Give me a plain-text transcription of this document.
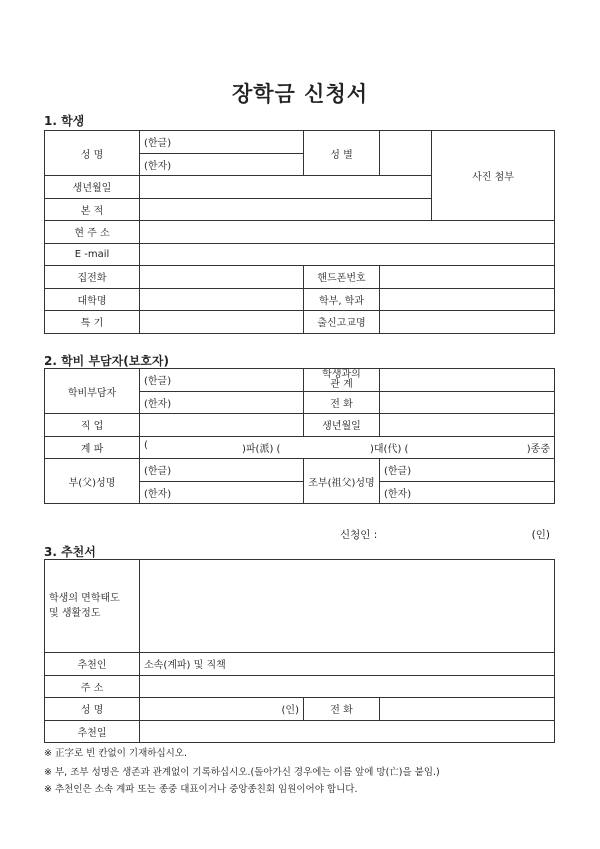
장학금 신청서
1. 학생
성 명	(한글)	성 별		사진 첨부
	(한자)			
생년월일				
본 적				
현 주 소				
E -mail				
집전화		핸드폰번호		
대학명		학부, 학과		
특 기		출신고교명		
2. 학비 부담자(보호자)
학비부담자	(한글)	학생과의
관 계	

	(한자)	전 화	
직 업		생년월일	
계 파	( )파(派) ( )대(代) ( )종중		

부(父)성명	(한글)	조부(祖父)성명	(한글)
	(한자)		(한자)
신청인 :	(인)
3. 추천서
학생의 면학태도
및 생활정도			

추천인	소속(계파) 및 직책		
주 소			
성 명	(인)	전 화	
추천일			
※ 正字로 빈 칸없이 기재하십시오.
※ 부, 조부 성명은 생존과 관계없이 기록하십시오.(돌아가신 경우에는 이름 앞에 망(亡)을 붙임.)
※ 추천인은 소속 계파 또는 종중 대표이거나 중앙종친회 임원이어야 합니다.
